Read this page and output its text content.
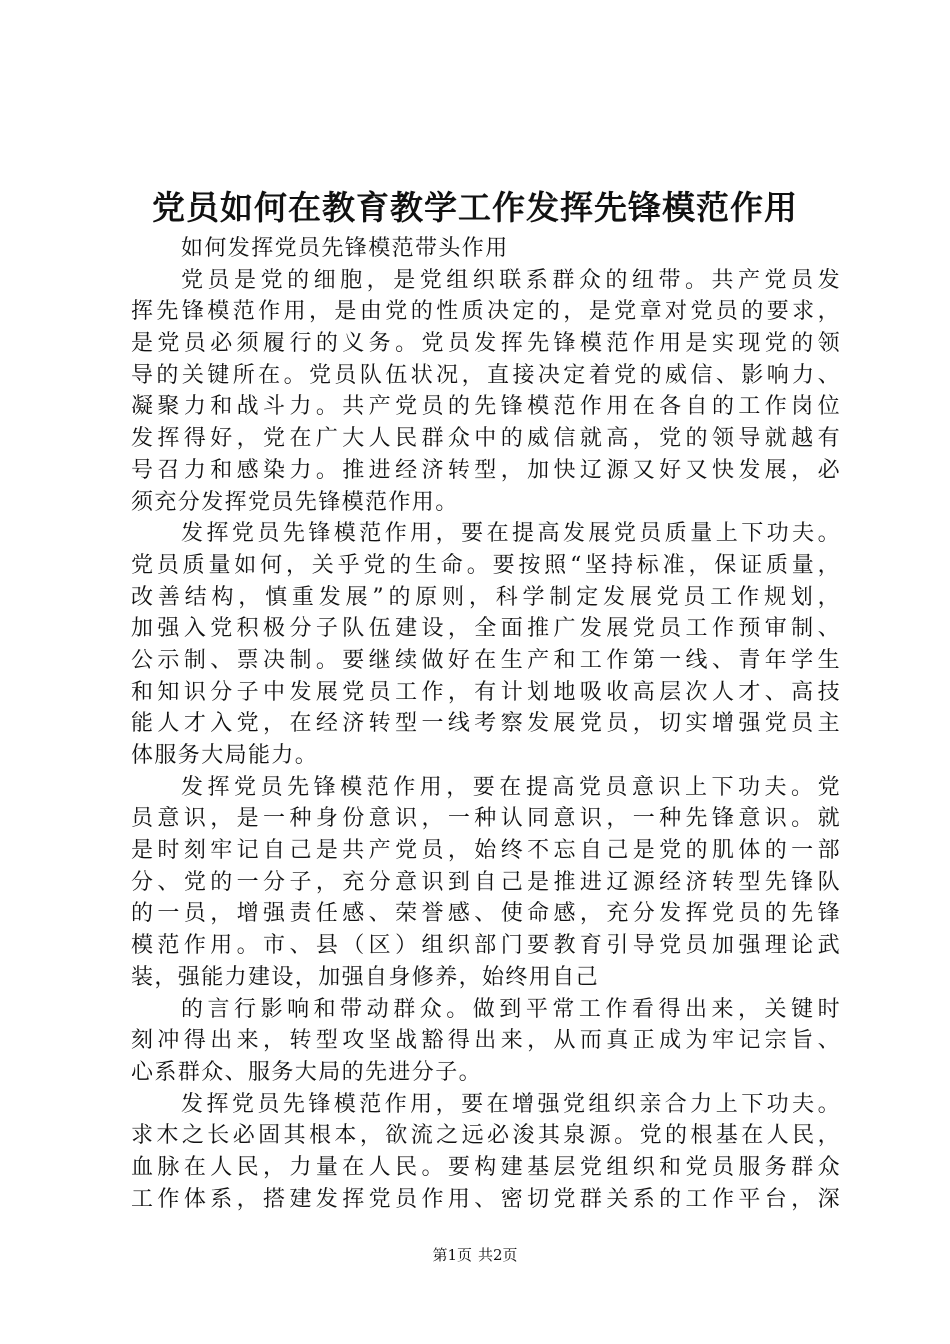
党员如何在教育教学工作发挥先锋模范作用
如何发挥党员先锋模范带头作用
党员是党的细胞，是党组织联系群众的纽带。共产党员发
挥先锋模范作用，是由党的性质决定的，是党章对党员的要求，
是党员必须履行的义务。党员发挥先锋模范作用是实现党的领
导的关键所在。党员队伍状况，直接决定着党的威信、影响力、
凝聚力和战斗力。共产党员的先锋模范作用在各自的工作岗位
发挥得好，党在广大人民群众中的威信就高，党的领导就越有
号召力和感染力。推进经济转型，加快辽源又好又快发展，必
须充分发挥党员先锋模范作用。
发挥党员先锋模范作用，要在提高发展党员质量上下功夫。
党员质量如何，关乎党的生命。要按照“坚持标准，保证质量，
改善结构，慎重发展”的原则，科学制定发展党员工作规划，
加强入党积极分子队伍建设，全面推广发展党员工作预审制、
公示制、票决制。要继续做好在生产和工作第一线、青年学生
和知识分子中发展党员工作，有计划地吸收高层次人才、高技
能人才入党，在经济转型一线考察发展党员，切实增强党员主
体服务大局能力。
发挥党员先锋模范作用，要在提高党员意识上下功夫。党
员意识，是一种身份意识，一种认同意识，一种先锋意识。就
是时刻牢记自己是共产党员，始终不忘自己是党的肌体的一部
分、党的一分子，充分意识到自己是推进辽源经济转型先锋队
的一员，增强责任感、荣誉感、使命感，充分发挥党员的先锋
模范作用。市、县（区）组织部门要教育引导党员加强理论武
装，强能力建设，加强自身修养，始终用自己
的言行影响和带动群众。做到平常工作看得出来，关键时
刻冲得出来，转型攻坚战豁得出来，从而真正成为牢记宗旨、
心系群众、服务大局的先进分子。
发挥党员先锋模范作用，要在增强党组织亲合力上下功夫。
求木之长必固其根本，欲流之远必浚其泉源。党的根基在人民，
血脉在人民，力量在人民。要构建基层党组织和党员服务群众
工作体系，搭建发挥党员作用、密切党群关系的工作平台，深
第1页 共2页
